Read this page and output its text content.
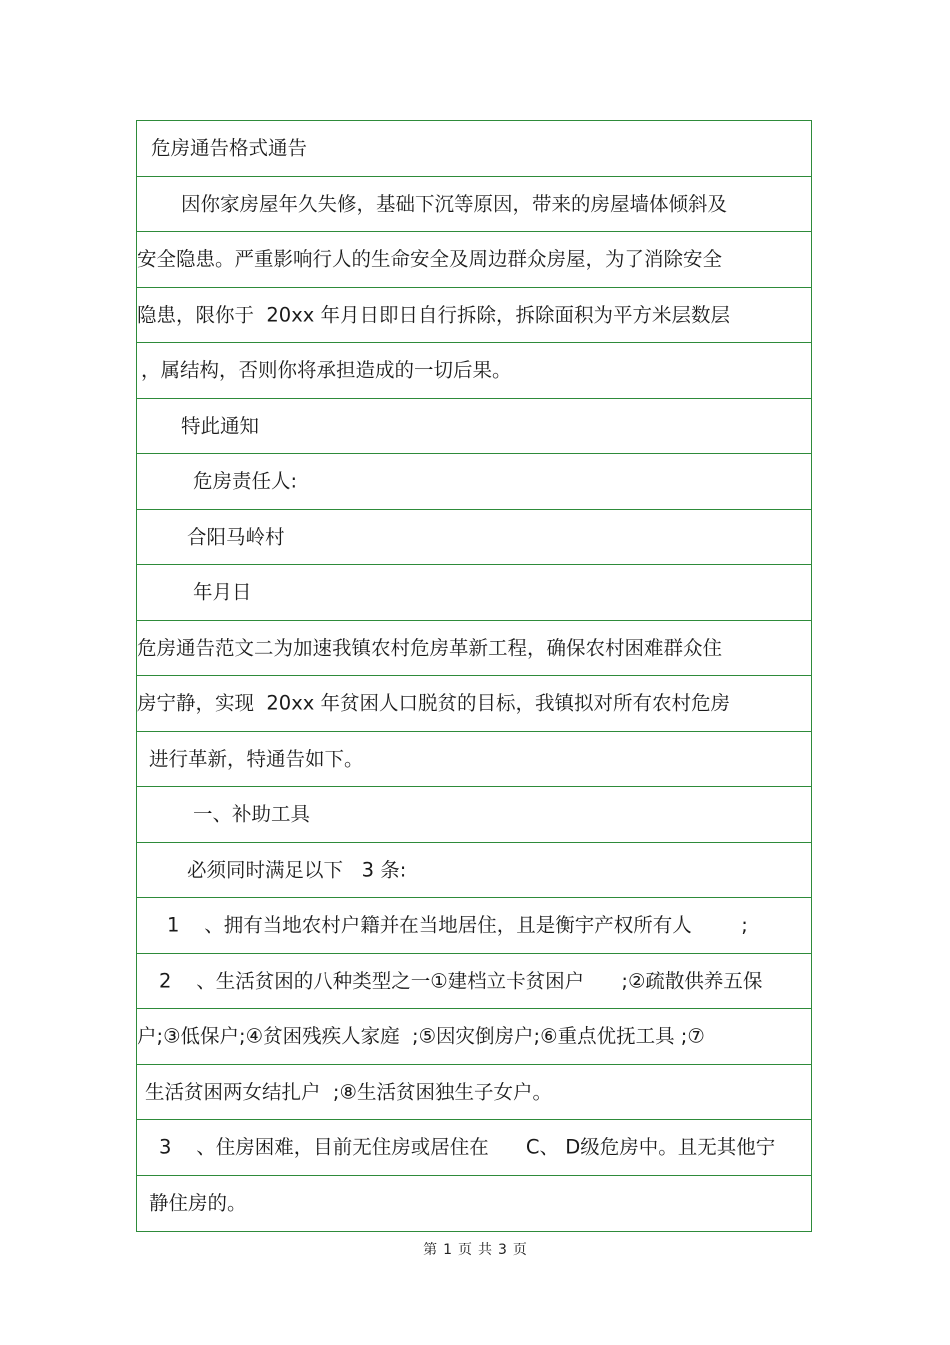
危房通告格式通告
因你家房屋年久失修，基础下沉等原因，带来的房屋墙体倾斜及
安全隐患。严重影响行人的生命安全及周边群众房屋，为了消除安全
隐患，限你于  20xx 年月日即日自行拆除，拆除面积为平方米层数层
，属结构，否则你将承担造成的一切后果。
特此通知
危房责任人:
合阳马岭村
年月日
危房通告范文二为加速我镇农村危房革新工程，确保农村困难群众住
房宁静，实现  20xx 年贫困人口脱贫的目标，我镇拟对所有农村危房
进行革新，特通告如下。
一、补助工具
必须同时满足以下   3 条:
1    、拥有当地农村户籍并在当地居住，且是衡宇产权所有人        ;
2    、生活贫困的八种类型之一①建档立卡贫困户      ;②疏散供养五保
户;③低保户;④贫困残疾人家庭  ;⑤因灾倒房户;⑥重点优抚工具 ;⑦
生活贫困两女结扎户  ;⑧生活贫困独生子女户。
3    、住房困难，目前无住房或居住在      C、 D级危房中。且无其他宁
静住房的。
第 1 页 共 3 页
